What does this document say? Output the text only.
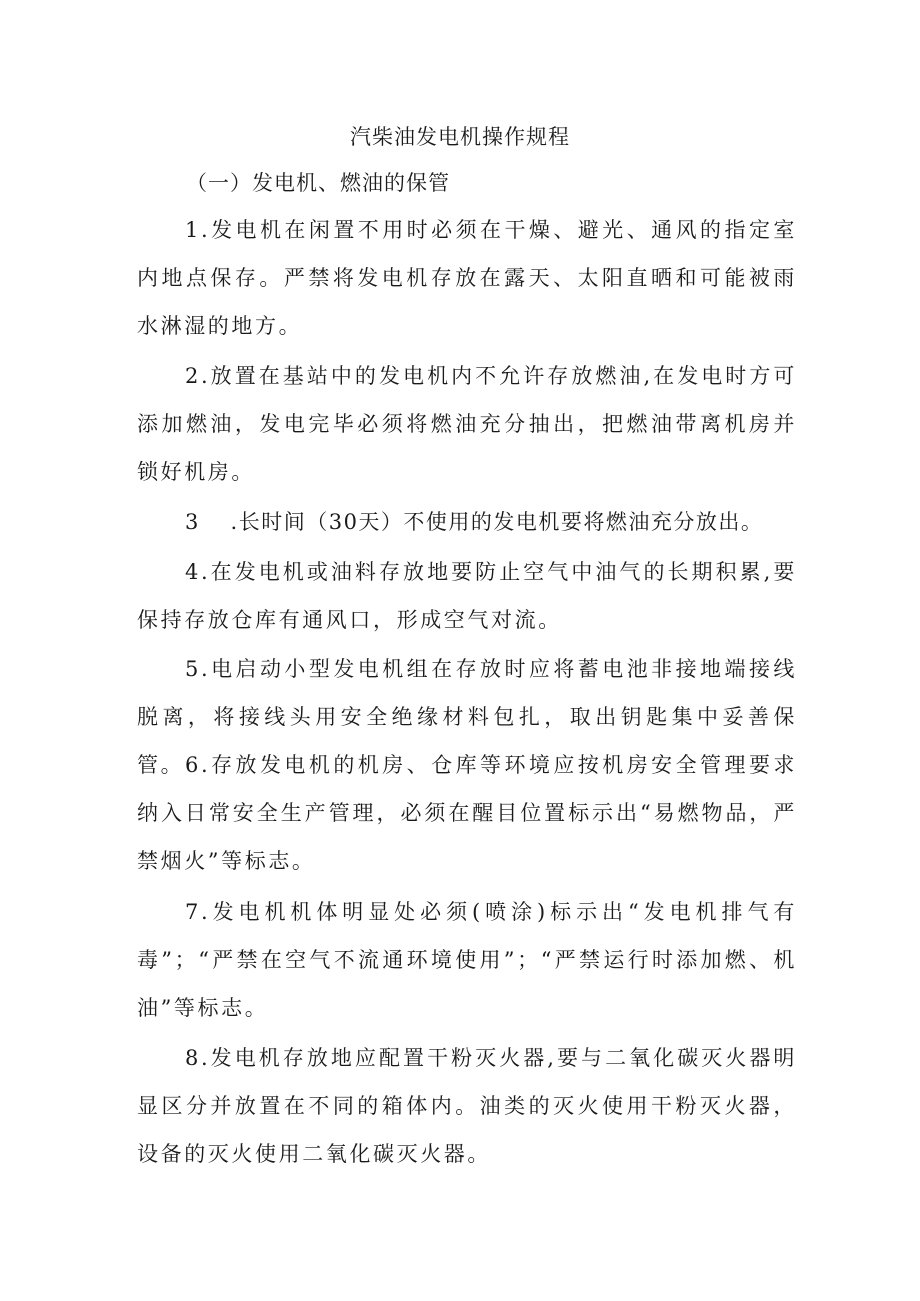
汽柴油发电机操作规程
（一）发电机、燃油的保管

1.发电机在闲置不用时必须在干燥、避光、通风的指定室内地点保存。严禁将发电机存放在露天、太阳直晒和可能被雨水淋湿的地方。

2.放置在基站中的发电机内不允许存放燃油,在发电时方可添加燃油，发电完毕必须将燃油充分抽出，把燃油带离机房并锁好机房。

3　 .长时间（30天）不使用的发电机要将燃油充分放出。

4.在发电机或油料存放地要防止空气中油气的长期积累,要保持存放仓库有通风口，形成空气对流。

5.电启动小型发电机组在存放时应将蓄电池非接地端接线脱离，将接线头用安全绝缘材料包扎，取出钥匙集中妥善保管。 6.存放发电机的机房、仓库等环境应按机房安全管理要求纳入日常安全生产管理，必须在醒目位置标示出“易燃物品，严禁烟火”等标志。

7.发电机机体明显处必须(喷涂)标示出“发电机排气有毒”；“严禁在空气不流通环境使用”；“严禁运行时添加燃、机油”等标志。

8.发电机存放地应配置干粉灭火器,要与二氧化碳灭火器明显区分并放置在不同的箱体内。油类的灭火使用干粉灭火器，设备的灭火使用二氧化碳灭火器。
